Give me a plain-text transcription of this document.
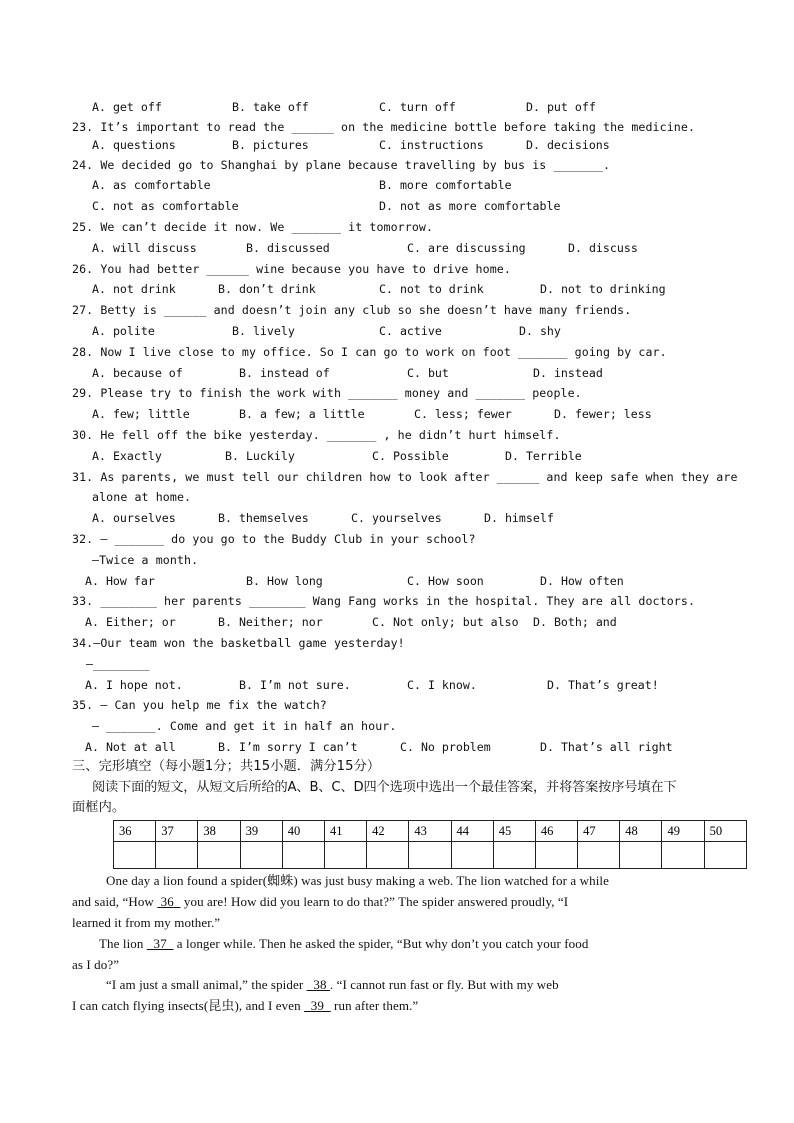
A. get off	B. take off	C. turn off	D. put off
23. It’s important to read the ______ on the medicine bottle before taking the medicine.
A. questions	B. pictures	C. instructions	D. decisions
24. We decided go to Shanghai by plane because travelling by bus is _______.
A. as comfortable	B. more comfortable
C. not as comfortable	D. not as more comfortable
25. We can’t decide it now. We _______ it tomorrow.
A. will discuss	B. discussed	C. are discussing	D. discuss
26. You had better ______ wine because you have to drive home.
A. not drink	B. don’t drink	C. not to drink	D. not to drinking
27. Betty is ______ and doesn’t join any club so she doesn’t have many friends.
A. polite	B. lively	C. active	D. shy
28. Now I live close to my office. So I can go to work on foot _______ going by car.
A. because of	B. instead of	C. but	D. instead
29. Please try to finish the work with _______ money and _______ people.
A. few; little	B. a few; a little	C. less; fewer	D. fewer; less
30. He fell off the bike yesterday. _______ , he didn’t hurt himself.
A. Exactly	B. Luckily	C. Possible	D. Terrible
31. As parents, we must tell our children how to look after ______ and keep safe when they are
alone at home.
A. ourselves	B. themselves	C. yourselves	D. himself
32. — _______ do you go to the Buddy Club in your school?
—Twice a month.
A. How far	B. How long	C. How soon	D. How often
33. ________ her parents ________ Wang Fang works in the hospital. They are all doctors.
A. Either; or	B. Neither; nor	C. Not only; but also D. Both; and
34.—Our team won the basketball game yesterday!
—________
A. I hope not.	B. I’m not sure.	C. I know.	D. That’s great!
35. — Can you help me fix the watch?
— _______. Come and get it in half an hour.
A. Not at all	B. I’m sorry I can’t	C. No problem	D. That’s all right
三、完形填空（每小题1分；共15小题．满分15分）
阅读下面的短文，从短文后所给的A、B、C、D四个选项中选出一个最佳答案，并将答案按序号填在下
面框内。
36	37	38	39	40	41	42	43	44	45	46	47	48	49	50

One day a lion found a spider(蜘蛛) was just busy making a web. The lion watched for a while
and said, “How  36   you are! How did you learn to do that?” The spider answered proudly, “I
learned it from my mother.”
The lion   37   a longer while. Then he asked the spider, “But why don’t you catch your food
as I do?”
“I am just a small animal,” the spider   38 . “I cannot run fast or fly. But with my web
I can catch flying insects(昆虫), and I even   39   run after them.”
